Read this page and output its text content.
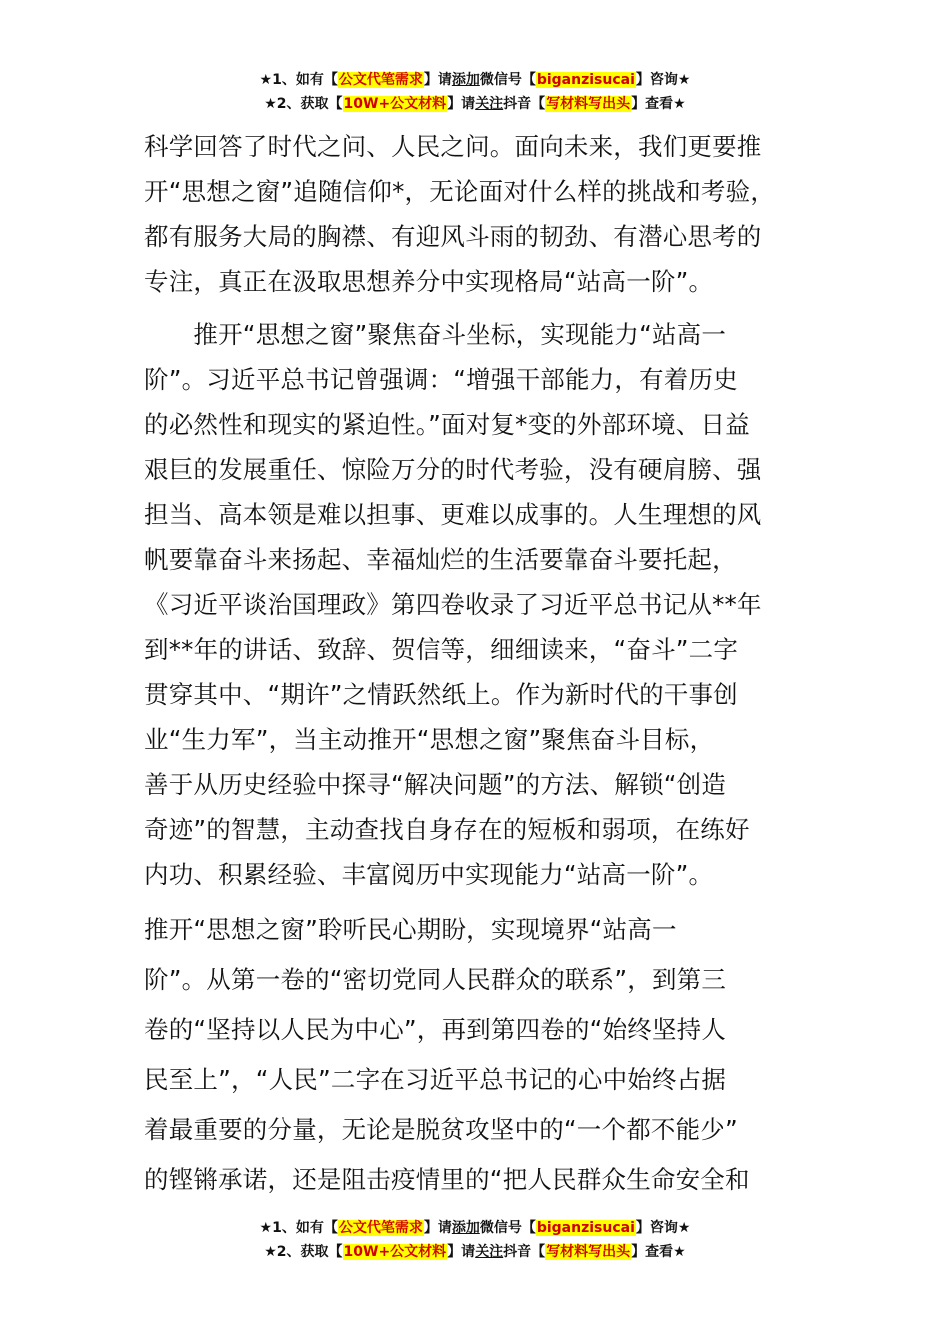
★1、如有【公文代笔需求】请添加微信号【biganzisucai】咨询★
★2、获取【10W+公文材料】请关注抖音【写材料写出头】查看★

科学回答了时代之问、人民之问。面向未来，我们更要推
开“思想之窗”追随信仰*，无论面对什么样的挑战和考验，
都有服务大局的胸襟、有迎风斗雨的韧劲、有潜心思考的
专注，真正在汲取思想养分中实现格局“站高一阶”。

　　推开“思想之窗”聚焦奋斗坐标，实现能力“站高一
阶”。习近平总书记曾强调：“增强干部能力，有着历史
的必然性和现实的紧迫性。”面对复*变的外部环境、日益
艰巨的发展重任、惊险万分的时代考验，没有硬肩膀、强
担当、高本领是难以担事、更难以成事的。人生理想的风
帆要靠奋斗来扬起、幸福灿烂的生活要靠奋斗要托起，
《习近平谈治国理政》第四卷收录了习近平总书记从**年
到**年的讲话、致辞、贺信等，细细读来，“奋斗”二字
贯穿其中、“期许”之情跃然纸上。作为新时代的干事创
业“生力军”，当主动推开“思想之窗”聚焦奋斗目标，
善于从历史经验中探寻“解决问题”的方法、解锁“创造
奇迹”的智慧，主动查找自身存在的短板和弱项，在练好
内功、积累经验、丰富阅历中实现能力“站高一阶”。

推开“思想之窗”聆听民心期盼，实现境界“站高一
阶”。从第一卷的“密切党同人民群众的联系”，到第三
卷的“坚持以人民为中心”，再到第四卷的“始终坚持人
民至上”，“人民”二字在习近平总书记的心中始终占据
着最重要的分量，无论是脱贫攻坚中的“一个都不能少”
的铿锵承诺，还是阻击疫情里的“把人民群众生命安全和

★1、如有【公文代笔需求】请添加微信号【biganzisucai】咨询★
★2、获取【10W+公文材料】请关注抖音【写材料写出头】查看★
